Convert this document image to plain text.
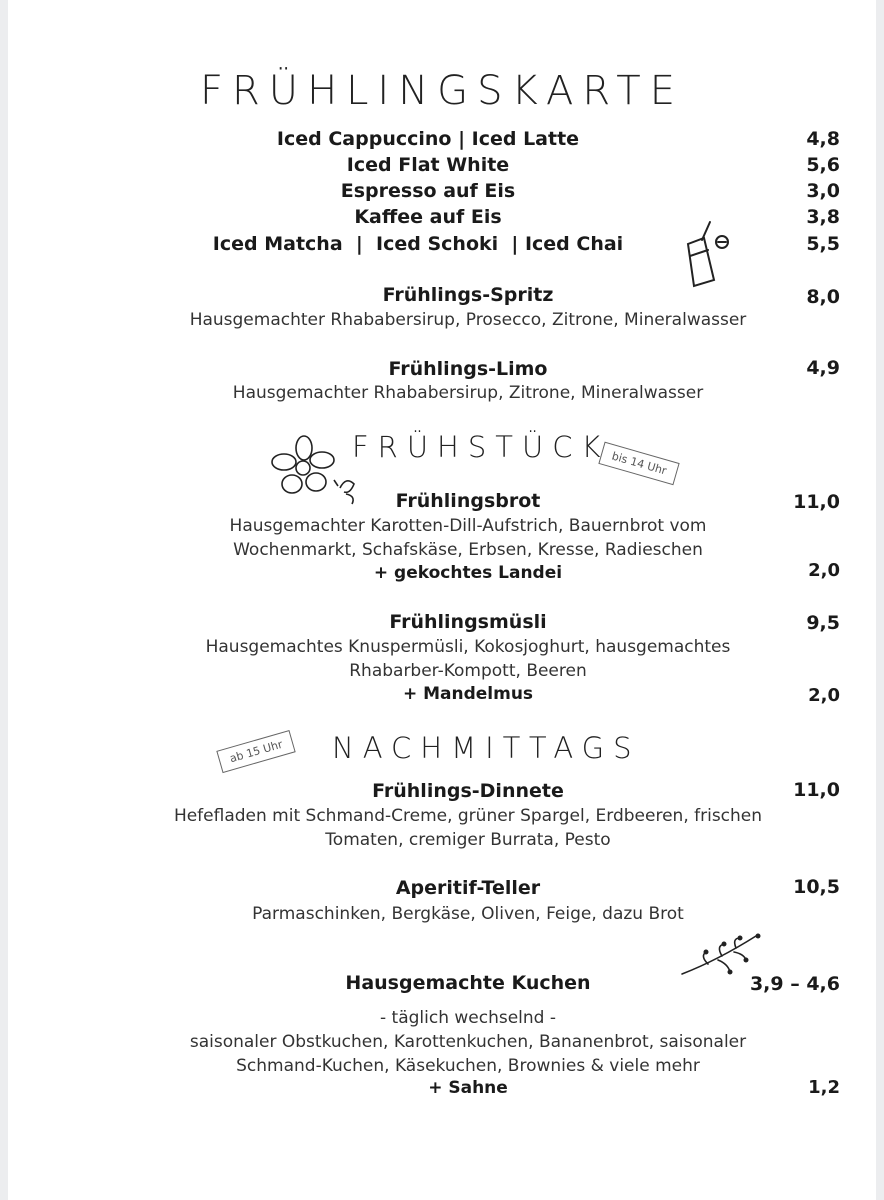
FRÜHLINGSKARTE
Iced Cappuccino | Iced Latte	4,8
Iced Flat White	5,6
Espresso auf Eis	3,0
Kaffee auf Eis	3,8
Iced Matcha  |  Iced Schoki  | Iced Chai	5,5
Frühlings-Spritz	8,0
Hausgemachter Rhababersirup, Prosecco, Zitrone, Mineralwasser
Frühlings-Limo	4,9
Hausgemachter Rhababersirup, Zitrone, Mineralwasser
FRÜHSTÜCK bis 14 Uhr
Frühlingsbrot	11,0
Hausgemachter Karotten-Dill-Aufstrich, Bauernbrot vom
Wochenmarkt, Schafskäse, Erbsen, Kresse, Radieschen
+ gekochtes Landei	2,0
Frühlingsmüsli	9,5
Hausgemachtes Knuspermüsli, Kokosjoghurt, hausgemachtes
Rhabarber-Kompott, Beeren
+ Mandelmus	2,0
ab 15 Uhr	NACHMITTAGS
Frühlings-Dinnete	11,0
Hefefladen mit Schmand-Creme, grüner Spargel, Erdbeeren, frischen
Tomaten, cremiger Burrata, Pesto
Aperitif-Teller	10,5
Parmaschinken, Bergkäse, Oliven, Feige, dazu Brot
Hausgemachte Kuchen	3,9 – 4,6
- täglich wechselnd -
saisonaler Obstkuchen, Karottenkuchen, Bananenbrot, saisonaler
Schmand-Kuchen, Käsekuchen, Brownies & viele mehr
+ Sahne	1,2
